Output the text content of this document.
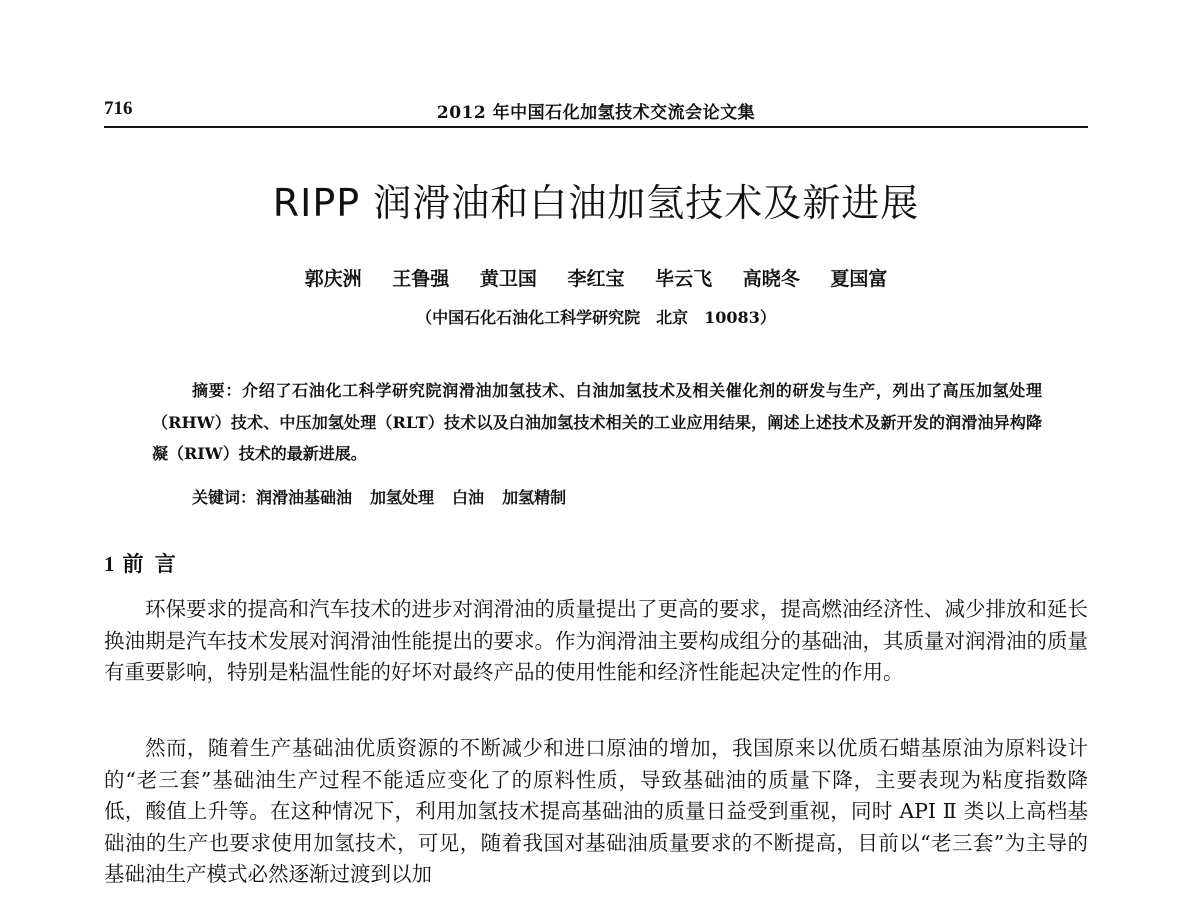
716	2012 年中国石化加氢技术交流会论文集
RIPP 润滑油和白油加氢技术及新进展
郭庆洲 王鲁强 黄卫国 李红宝 毕云飞 高晓冬 夏国富
（中国石化石油化工科学研究院　北京　10083）
摘要：介绍了石油化工科学研究院润滑油加氢技术、白油加氢技术及相关催化剂的研发与生产，列出了高压加氢处理（RHW）技术、中压加氢处理（RLT）技术以及白油加氢技术相关的工业应用结果，阐述上述技术及新开发的润滑油异构降凝（RIW）技术的最新进展。
关键词：润滑油基础油 加氢处理 白油 加氢精制
1 前 言
环保要求的提高和汽车技术的进步对润滑油的质量提出了更高的要求，提高燃油经济性、减少排放和延长换油期是汽车技术发展对润滑油性能提出的要求。作为润滑油主要构成组分的基础油，其质量对润滑油的质量有重要影响，特别是粘温性能的好坏对最终产品的使用性能和经济性能起决定性的作用。
然而，随着生产基础油优质资源的不断减少和进口原油的增加，我国原来以优质石蜡基原油为原料设计的“老三套”基础油生产过程不能适应变化了的原料性质，导致基础油的质量下降，主要表现为粘度指数降低，酸值上升等。在这种情况下，利用加氢技术提高基础油的质量日益受到重视，同时 API Ⅱ 类以上高档基础油的生产也要求使用加氢技术，可见，随着我国对基础油质量要求的不断提高，目前以“老三套”为主导的基础油生产模式必然逐渐过渡到以加
